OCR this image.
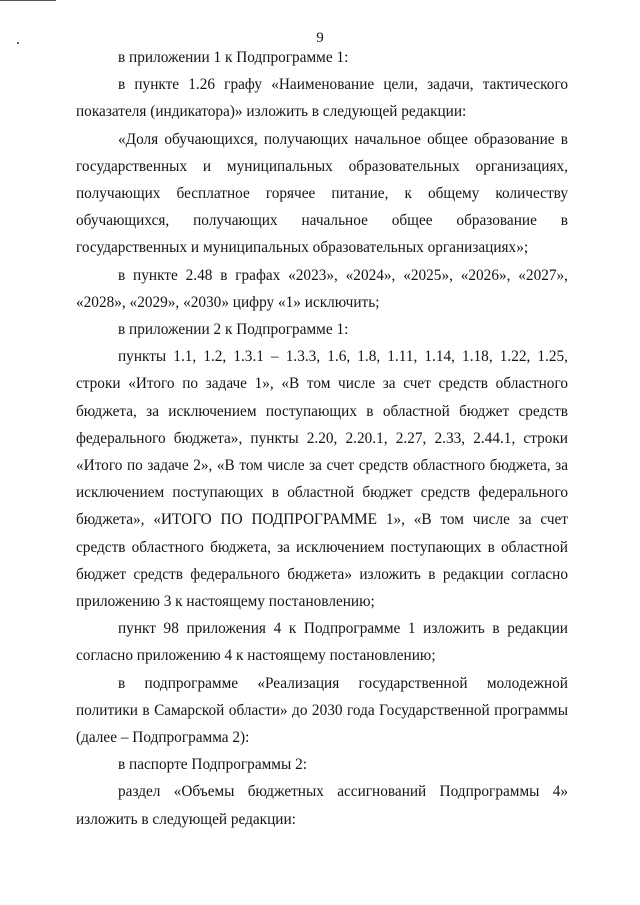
9

в приложении 1 к Подпрограмме 1:

в пункте 1.26 графу «Наименование цели, задачи, тактического показателя (индикатора)» изложить в следующей редакции:

«Доля обучающихся, получающих начальное общее образование в государственных и муниципальных образовательных организациях, получающих бесплатное горячее питание, к общему количеству обучающихся, получающих начальное общее образование в государственных и муниципальных образовательных организациях»;

в пункте 2.48 в графах «2023», «2024», «2025», «2026», «2027», «2028», «2029», «2030» цифру «1» исключить;

в приложении 2 к Подпрограмме 1:

пункты 1.1, 1.2, 1.3.1 – 1.3.3, 1.6, 1.8, 1.11, 1.14, 1.18, 1.22, 1.25, строки «Итого по задаче 1», «В том числе за счет средств областного бюджета, за исключением поступающих в областной бюджет средств федерального бюджета», пункты 2.20, 2.20.1, 2.27, 2.33, 2.44.1, строки «Итого по задаче 2», «В том числе за счет средств областного бюджета, за исключением поступающих в областной бюджет средств федерального бюджета», «ИТОГО ПО ПОДПРОГРАММЕ 1», «В том числе за счет средств областного бюджета, за исключением поступающих в областной бюджет средств федерального бюджета» изложить в редакции согласно приложению 3 к настоящему постановлению;

пункт 98 приложения 4 к Подпрограмме 1 изложить в редакции согласно приложению 4 к настоящему постановлению;

в подпрограмме «Реализация государственной молодежной политики в Самарской области» до 2030 года Государственной программы (далее – Подпрограмма 2):

в паспорте Подпрограммы 2:

раздел «Объемы бюджетных ассигнований Подпрограммы 4» изложить в следующей редакции:
